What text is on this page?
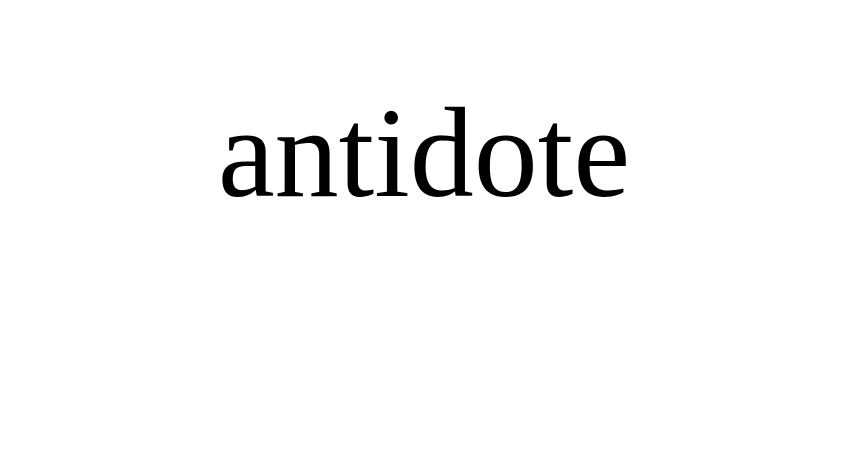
antidote
